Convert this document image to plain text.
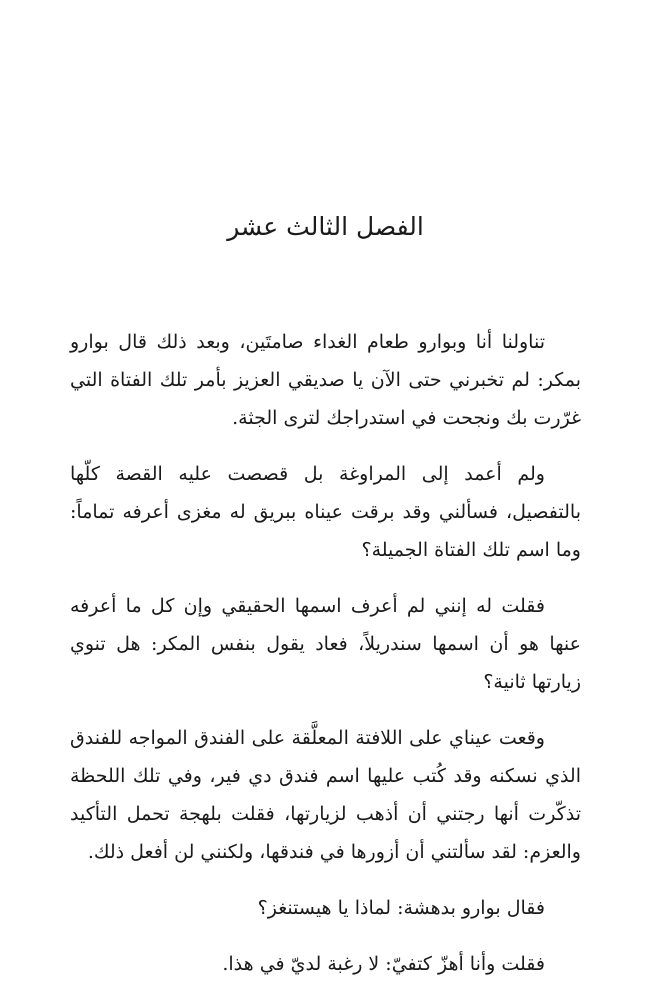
الفصل الثالث عشر

تناولنا أنا وبوارو طعام الغداء صامتَين، وبعد ذلك قال بوارو بمكر: لم تخبرني حتى الآن يا صديقي العزيز بأمر تلك الفتاة التي غرّرت بك ونجحت في استدراجك لترى الجثة.

ولم أعمد إلى المراوغة بل قصصت عليه القصة كلّها بالتفصيل، فسألني وقد برقت عيناه ببريق له مغزى أعرفه تماماً: وما اسم تلك الفتاة الجميلة؟

فقلت له إنني لم أعرف اسمها الحقيقي وإن كل ما أعرفه عنها هو أن اسمها سندريلاً، فعاد يقول بنفس المكر: هل تنوي زيارتها ثانية؟

وقعت عيناي على اللافتة المعلَّقة على الفندق المواجه للفندق الذي نسكنه وقد كُتب عليها اسم فندق دي فير، وفي تلك اللحظة تذكّرت أنها رجتني أن أذهب لزيارتها، فقلت بلهجة تحمل التأكيد والعزم: لقد سألتني أن أزورها في فندقها، ولكنني لن أفعل ذلك.

فقال بوارو بدهشة: لماذا يا هيستنغز؟

فقلت وأنا أهزّ كتفيّ: لا رغبة لديّ في هذا.
